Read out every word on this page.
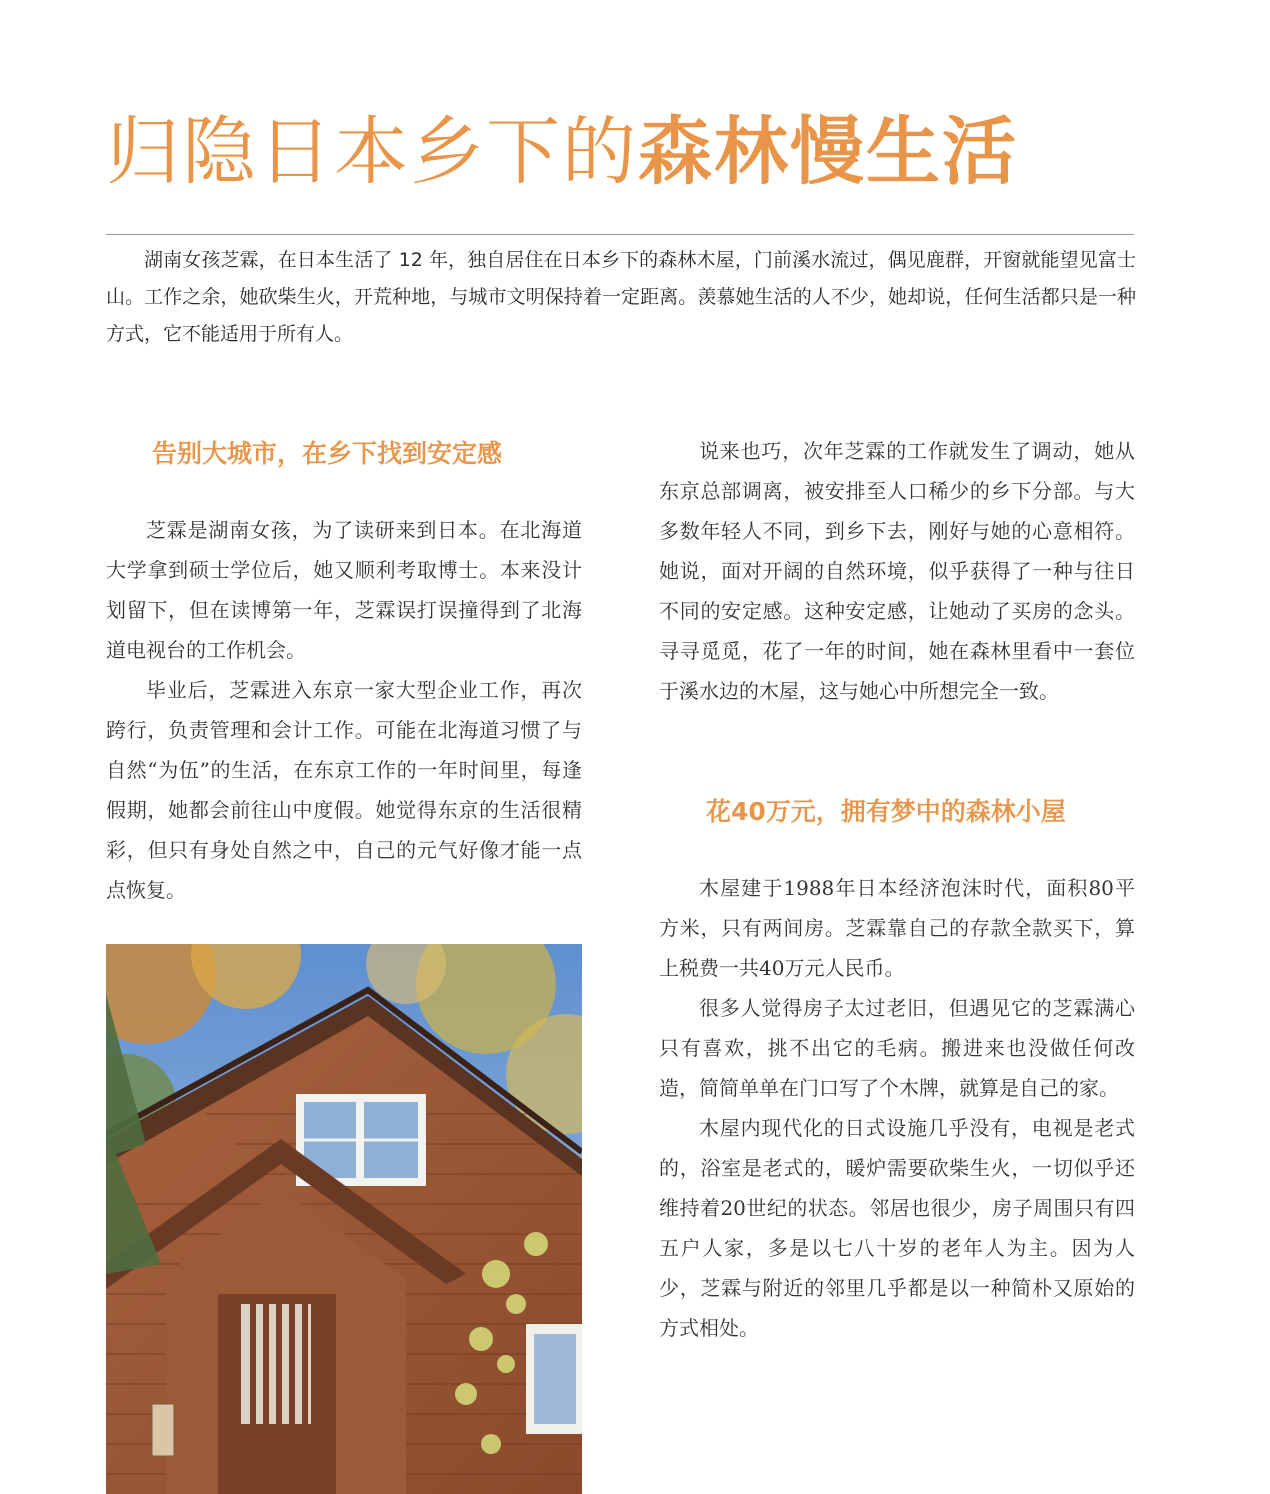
归隐日本乡下的森林慢生活

湖南女孩芝霖，在日本生活了 12 年，独自居住在日本乡下的森林木屋，门前溪水流过，偶见鹿群，开窗就能望见富士山。工作之余，她砍柴生火，开荒种地，与城市文明保持着一定距离。羡慕她生活的人不少，她却说，任何生活都只是一种方式，它不能适用于所有人。

告别大城市，在乡下找到安定感

芝霖是湖南女孩，为了读研来到日本。在北海道大学拿到硕士学位后，她又顺利考取博士。本来没计划留下，但在读博第一年，芝霖误打误撞得到了北海道电视台的工作机会。

毕业后，芝霖进入东京一家大型企业工作，再次跨行，负责管理和会计工作。可能在北海道习惯了与自然“为伍”的生活，在东京工作的一年时间里，每逢假期，她都会前往山中度假。她觉得东京的生活很精彩，但只有身处自然之中，自己的元气好像才能一点点恢复。

说来也巧，次年芝霖的工作就发生了调动，她从东京总部调离，被安排至人口稀少的乡下分部。与大多数年轻人不同，到乡下去，刚好与她的心意相符。她说，面对开阔的自然环境，似乎获得了一种与往日不同的安定感。这种安定感，让她动了买房的念头。寻寻觅觅，花了一年的时间，她在森林里看中一套位于溪水边的木屋，这与她心中所想完全一致。

花40万元，拥有梦中的森林小屋

木屋建于1988年日本经济泡沫时代，面积80平方米，只有两间房。芝霖靠自己的存款全款买下，算上税费一共40万元人民币。

很多人觉得房子太过老旧，但遇见它的芝霖满心只有喜欢，挑不出它的毛病。搬进来也没做任何改造，简简单单在门口写了个木牌，就算是自己的家。

木屋内现代化的日式设施几乎没有，电视是老式的，浴室是老式的，暖炉需要砍柴生火，一切似乎还维持着20世纪的状态。邻居也很少，房子周围只有四五户人家，多是以七八十岁的老年人为主。因为人少，芝霖与附近的邻里几乎都是以一种简朴又原始的方式相处。
